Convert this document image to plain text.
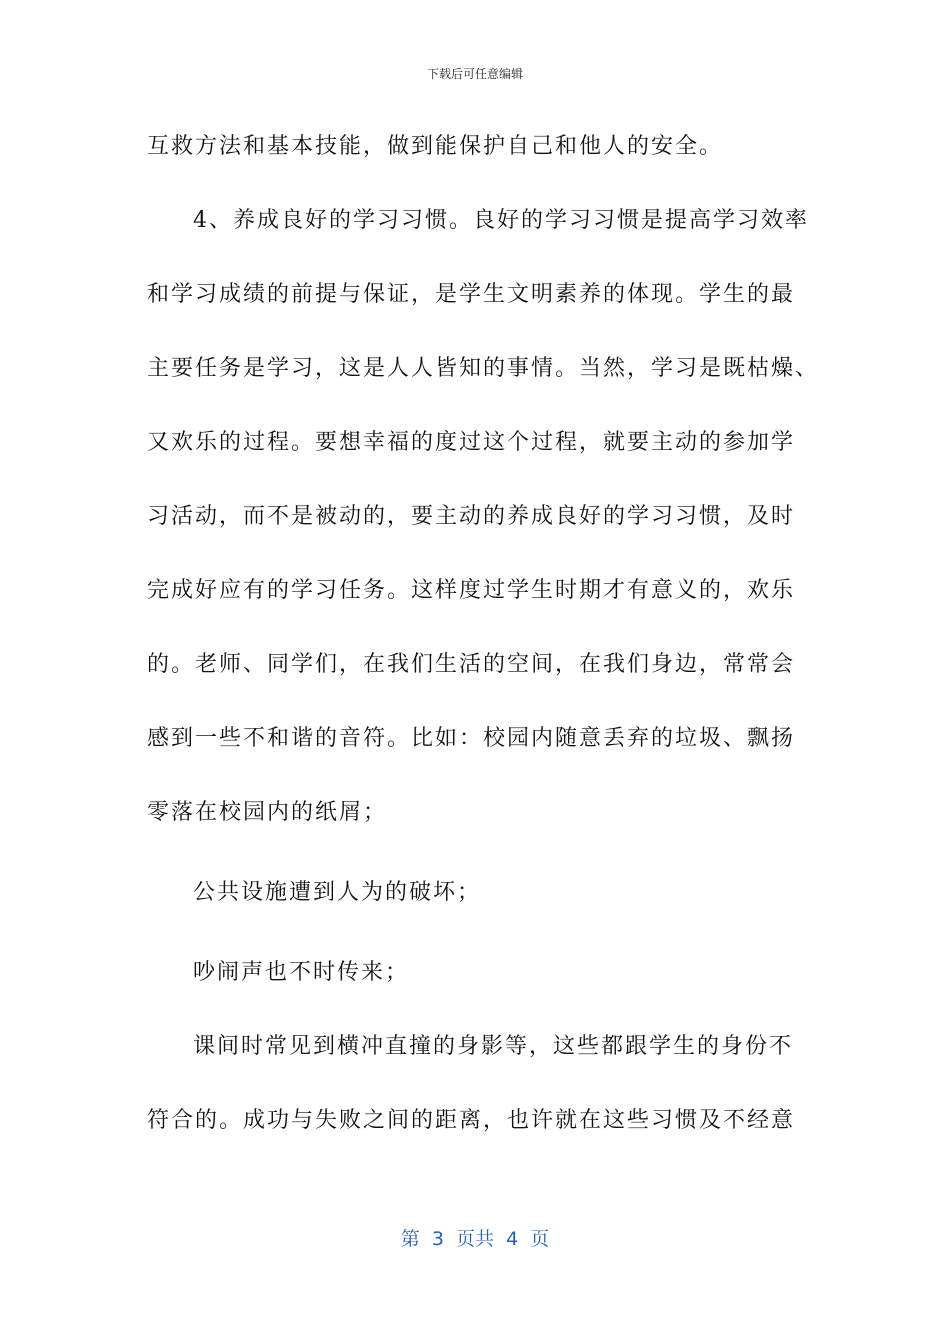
下载后可任意编辑
互救方法和基本技能，做到能保护自己和他人的安全。
4、养成良好的学习习惯。良好的学习习惯是提高学习效率
和学习成绩的前提与保证，是学生文明素养的体现。学生的最
主要任务是学习，这是人人皆知的事情。当然，学习是既枯燥、
又欢乐的过程。要想幸福的度过这个过程，就要主动的参加学
习活动，而不是被动的，要主动的养成良好的学习习惯，及时
完成好应有的学习任务。这样度过学生时期才有意义的，欢乐
的。老师、同学们，在我们生活的空间，在我们身边，常常会
感到一些不和谐的音符。比如：校园内随意丢弃的垃圾、飘扬
零落在校园内的纸屑；
公共设施遭到人为的破坏；
吵闹声也不时传来；
课间时常见到横冲直撞的身影等，这些都跟学生的身份不
符合的。成功与失败之间的距离，也许就在这些习惯及不经意
第  3  页共  4  页
